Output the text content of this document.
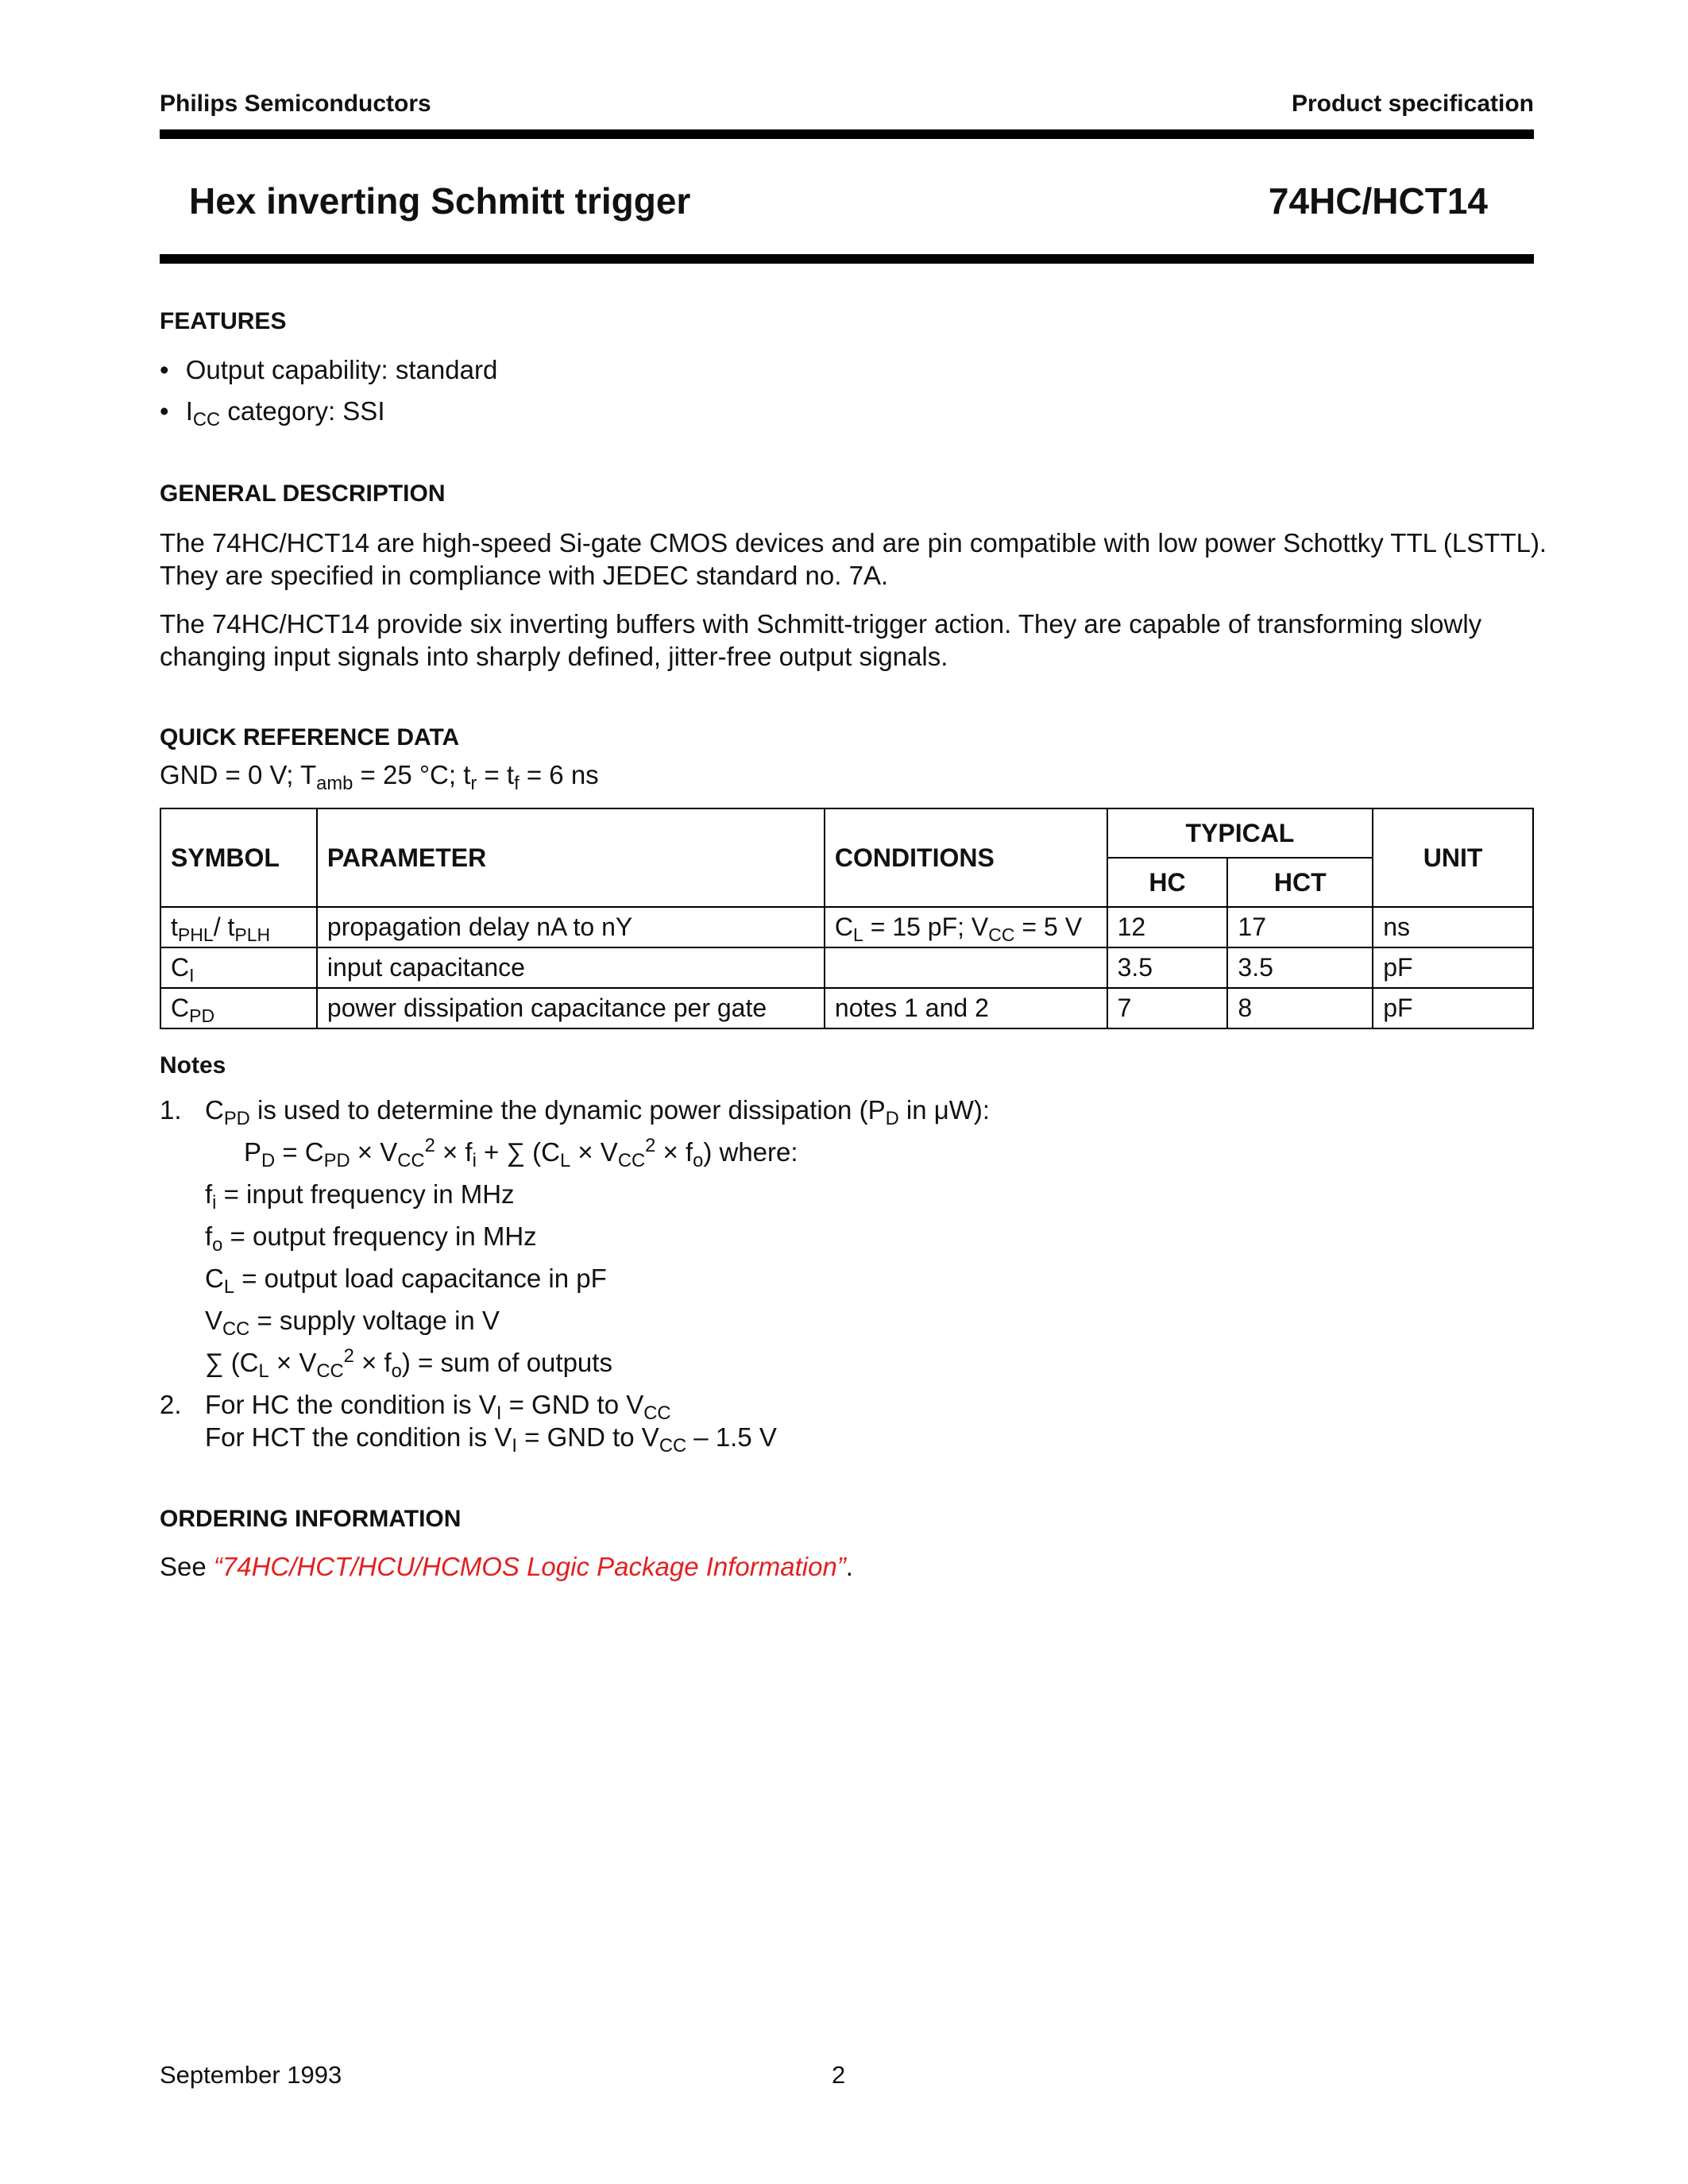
Philips Semiconductors	Product specification
Hex inverting Schmitt trigger	74HC/HCT14
FEATURES
• Output capability: standard
• $I_{CC}$ category: SSI
GENERAL DESCRIPTION
The 74HC/HCT14 are high-speed Si-gate CMOS devices and are pin compatible with low power Schottky TTL (LSTTL).
They are specified in compliance with JEDEC standard no. 7A.
The 74HC/HCT14 provide six inverting buffers with Schmitt-trigger action. They are capable of transforming slowly
changing input signals into sharply defined, jitter-free output signals.
QUICK REFERENCE DATA
GND = 0 V; $T_{amb} = 25$ °C; $t_r = t_f = 6$ ns
SYMBOL	PARAMETER	CONDITIONS	TYPICAL		UNIT
			HC	HCT	
$t_{PHL}/$ $t_{PLH}$	propagation delay nA to nY	$C_L = 15$ pF; $V_{CC} = 5$ V	12	17	ns
$C_I$	input capacitance		3.5	3.5	pF
$C_{PD}$	power dissipation capacitance per gate	notes 1 and 2	7	8	pF
Notes
1. $C_{PD}$ is used to determine the dynamic power dissipation ($P_D$ in μW):
$P_D = C_{PD} \times V_{CC}^2 \times f_i$ + ∑ $(C_L \times V_{CC}^2 \times f_o)$ where:
$f_i$ = input frequency in MHz
$f_o$ = output frequency in MHz
$C_L$ = output load capacitance in pF
$V_{CC}$ = supply voltage in V
∑ $(C_L \times V_{CC}^2 \times f_o)$ = sum of outputs
2. For HC the condition is $V_I$ = GND to $V_{CC}$
For HCT the condition is $V_I$ = GND to $V_{CC} - 1.5$ V
ORDERING INFORMATION
See “74HC/HCT/HCU/HCMOS Logic Package Information”.
September 1993	2
